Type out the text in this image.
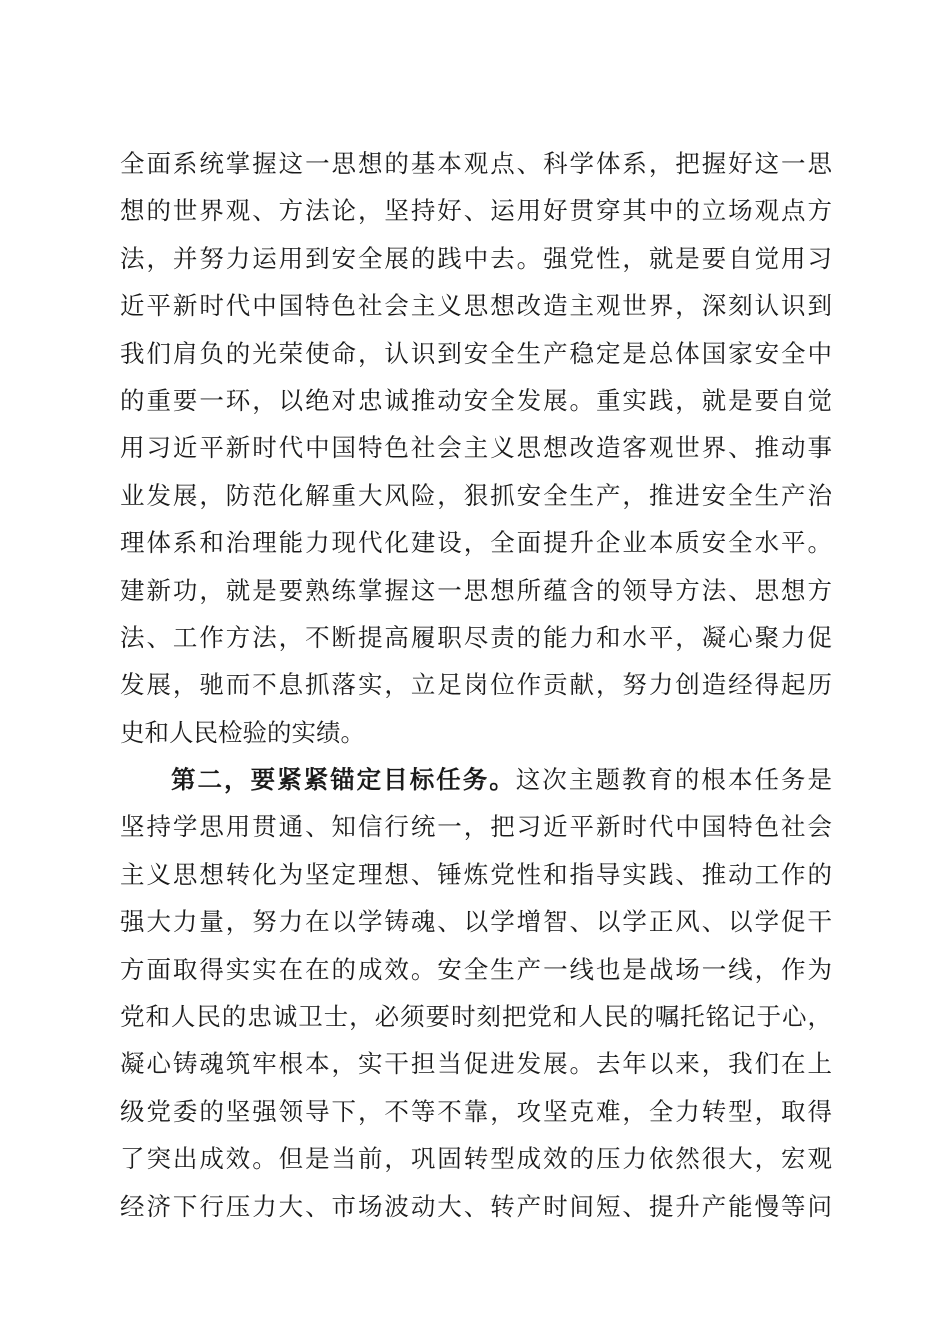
全面系统掌握这一思想的基本观点、科学体系，把握好这一思
想的世界观、方法论，坚持好、运用好贯穿其中的立场观点方
法，并努力运用到安全展的践中去。强党性，就是要自觉用习
近平新时代中国特色社会主义思想改造主观世界，深刻认识到
我们肩负的光荣使命，认识到安全生产稳定是总体国家安全中
的重要一环，以绝对忠诚推动安全发展。重实践，就是要自觉
用习近平新时代中国特色社会主义思想改造客观世界、推动事
业发展，防范化解重大风险，狠抓安全生产，推进安全生产治
理体系和治理能力现代化建设，全面提升企业本质安全水平。
建新功，就是要熟练掌握这一思想所蕴含的领导方法、思想方
法、工作方法，不断提高履职尽责的能力和水平，凝心聚力促
发展，驰而不息抓落实，立足岗位作贡献，努力创造经得起历
史和人民检验的实绩。
第二，要紧紧锚定目标任务。这次主题教育的根本任务是
坚持学思用贯通、知信行统一，把习近平新时代中国特色社会
主义思想转化为坚定理想、锤炼党性和指导实践、推动工作的
强大力量，努力在以学铸魂、以学增智、以学正风、以学促干
方面取得实实在在的成效。安全生产一线也是战场一线，作为
党和人民的忠诚卫士，必须要时刻把党和人民的嘱托铭记于心，
凝心铸魂筑牢根本，实干担当促进发展。去年以来，我们在上
级党委的坚强领导下，不等不靠，攻坚克难，全力转型，取得
了突出成效。但是当前，巩固转型成效的压力依然很大，宏观
经济下行压力大、市场波动大、转产时间短、提升产能慢等问
